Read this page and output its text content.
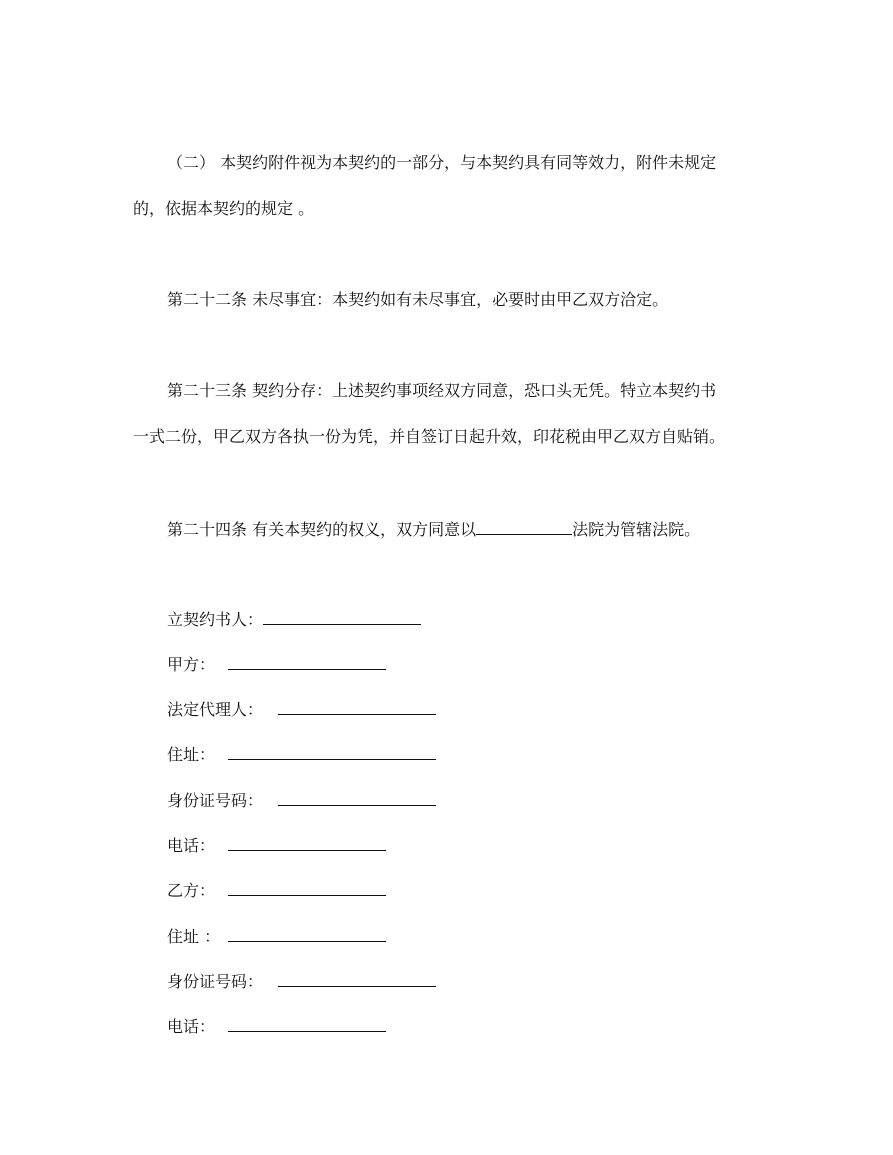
（二） 本契约附件视为本契约的一部分，与本契约具有同等效力，附件未规定
的，依据本契约的规定 。
第二十二条 未尽事宜：本契约如有未尽事宜，必要时由甲乙双方洽定。
第二十三条 契约分存：上述契约事项经双方同意，恐口头无凭。特立本契约书
一式二份，甲乙双方各执一份为凭，并自签订日起升效，印花税由甲乙双方自贴销。
第二十四条 有关本契约的权义，双方同意以	法院为管辖法院。
立契约书人：
甲方：
法定代理人：
住址：
身份证号码：
电话：
乙方：
住址 ：
身份证号码：
电话：
